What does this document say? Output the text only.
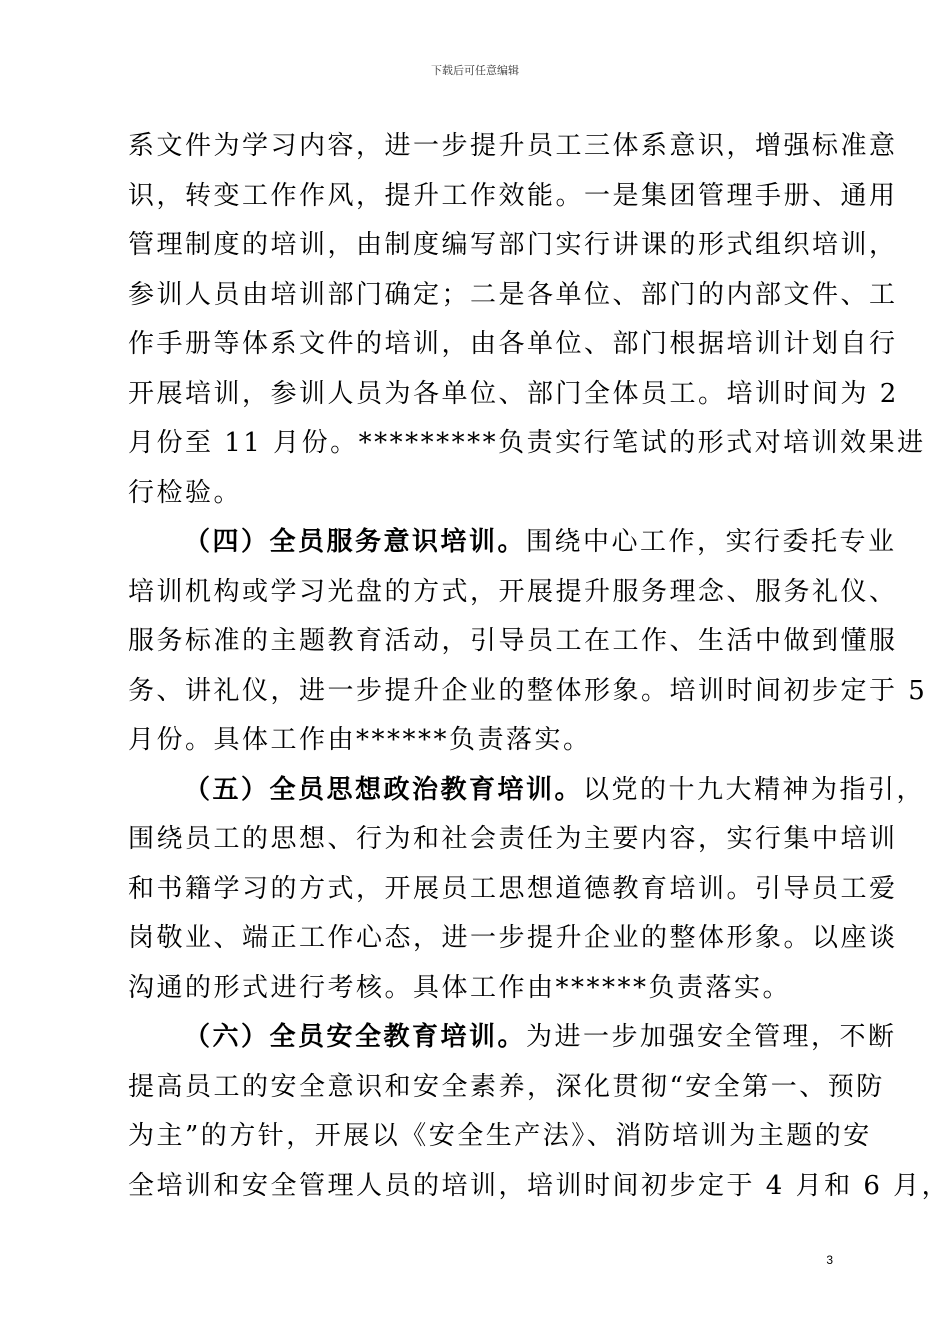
下载后可任意编辑
系文件为学习内容，进一步提升员工三体系意识，增强标准意
识，转变工作作风，提升工作效能。一是集团管理手册、通用
管理制度的培训，由制度编写部门实行讲课的形式组织培训，
参训人员由培训部门确定；二是各单位、部门的内部文件、工
作手册等体系文件的培训，由各单位、部门根据培训计划自行
开展培训，参训人员为各单位、部门全体员工。培训时间为 2
月份至 11 月份。*********负责实行笔试的形式对培训效果进
行检验。
（四）全员服务意识培训。围绕中心工作，实行委托专业
培训机构或学习光盘的方式，开展提升服务理念、服务礼仪、
服务标准的主题教育活动，引导员工在工作、生活中做到懂服
务、讲礼仪，进一步提升企业的整体形象。培训时间初步定于 5
月份。具体工作由******负责落实。
（五）全员思想政治教育培训。以党的十九大精神为指引，
围绕员工的思想、行为和社会责任为主要内容，实行集中培训
和书籍学习的方式，开展员工思想道德教育培训。引导员工爱
岗敬业、端正工作心态，进一步提升企业的整体形象。以座谈
沟通的形式进行考核。具体工作由******负责落实。
（六）全员安全教育培训。为进一步加强安全管理，不断
提高员工的安全意识和安全素养，深化贯彻“安全第一、预防
为主”的方针，开展以《安全生产法》、消防培训为主题的安
全培训和安全管理人员的培训，培训时间初步定于 4 月和 6 月，
3
